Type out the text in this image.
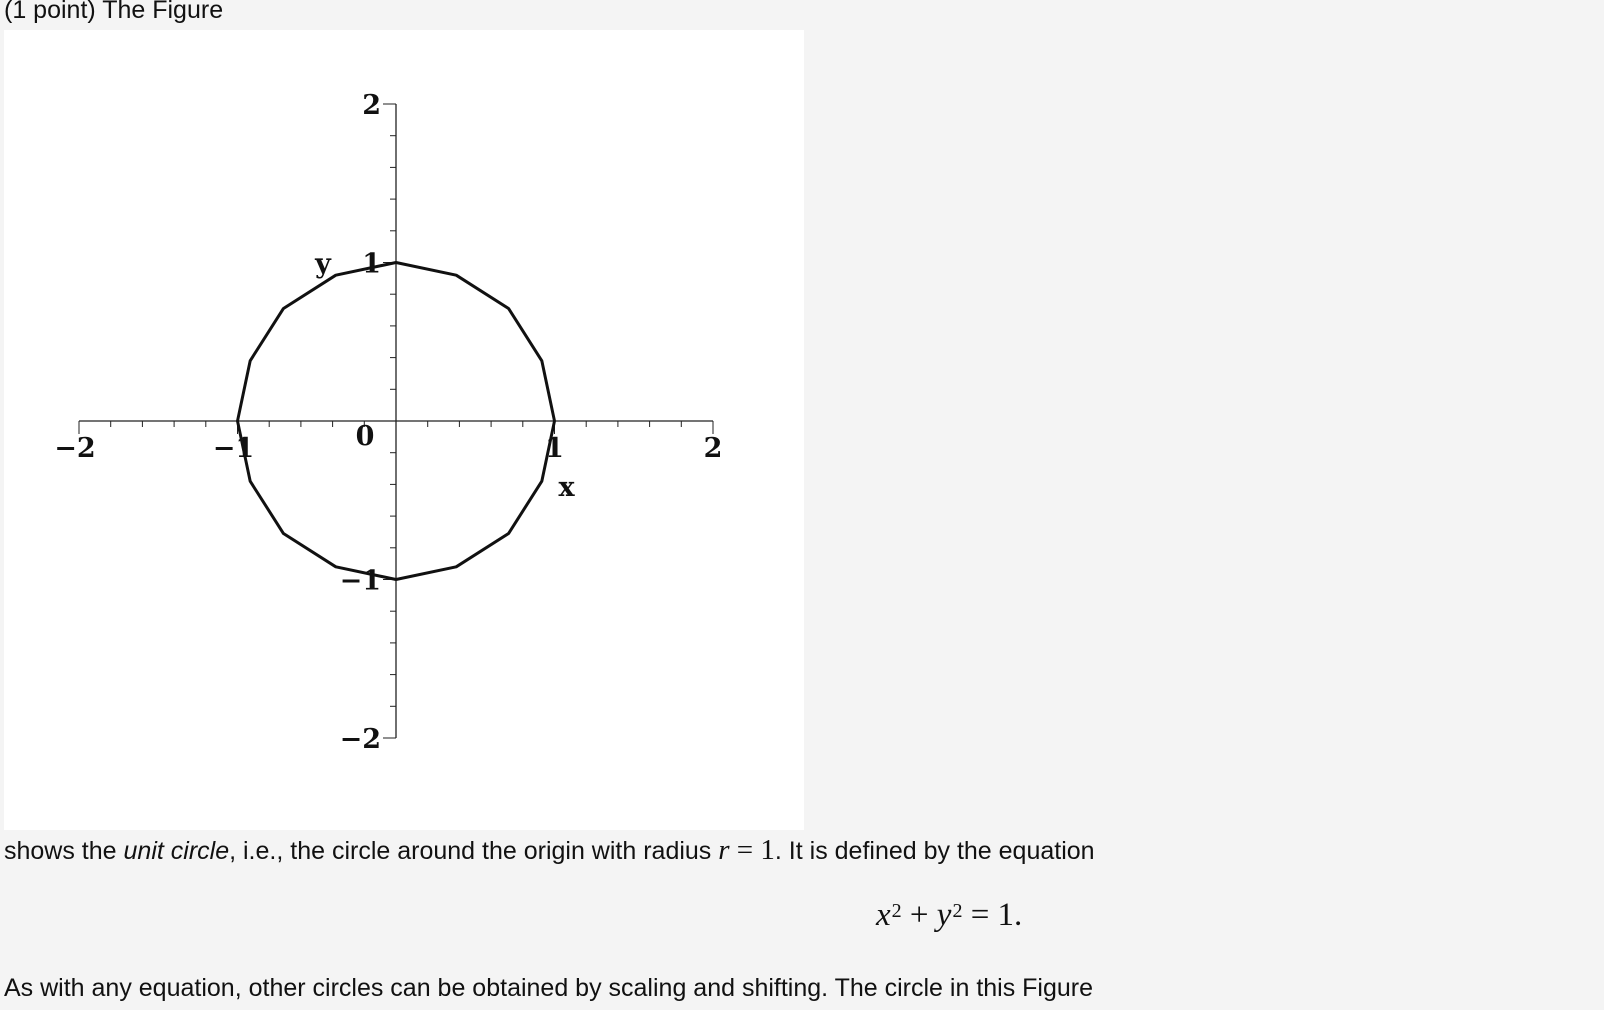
(1 point) The Figure
−2	−1	0	1	2
2
1
−1
−2
x
y
shows the unit circle, i.e., the circle around the origin with radius r = 1. It is defined by the equation
$x^2 + y^2 = 1$.
As with any equation, other circles can be obtained by scaling and shifting. The circle in this Figure
